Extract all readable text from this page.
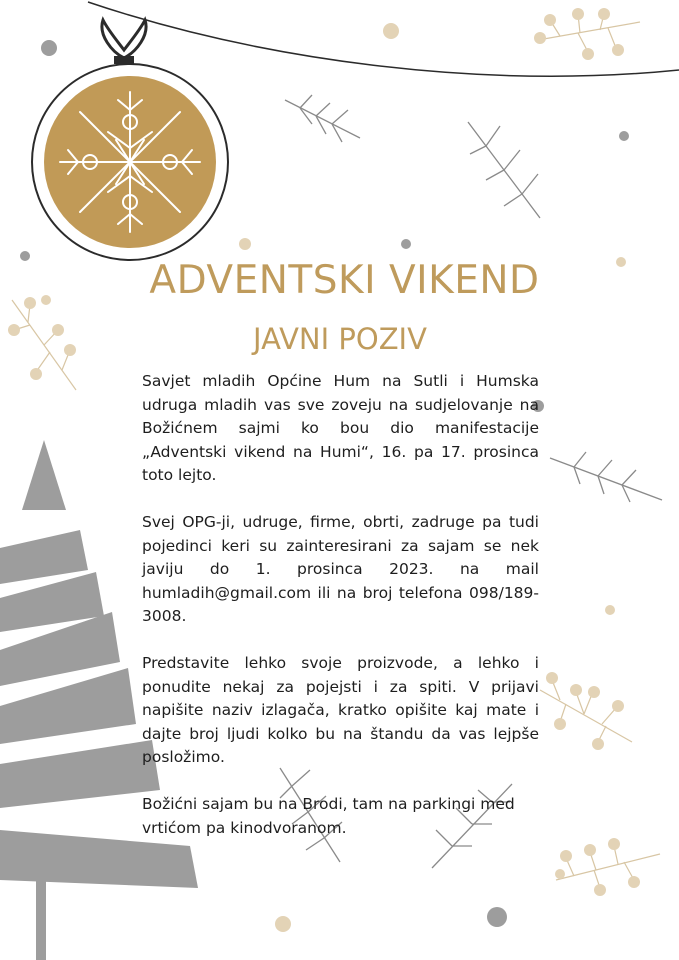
ADVENTSKI VIKEND
JAVNI POZIV

Savjet mladih Općine Hum na Sutli i Humska udruga mladih vas sve zoveju na sudjelovanje na Božićnem sajmi ko bou dio manifestacije „Adventski vikend na Humi“, 16. pa 17. prosinca toto lejto.

Svej OPG-ji, udruge, firme, obrti, zadruge pa tudi pojedinci keri su zainteresirani za sajam se nek javiju do 1. prosinca 2023. na mail humladih@gmail.com ili na broj telefona 098/189-3008.

Predstavite lehko svoje proizvode, a lehko i ponudite nekaj za pojejsti i za spiti. V prijavi napišite naziv izlagača, kratko opišite kaj mate i dajte broj ljudi kolko bu na štandu da vas lejpše posložimo.

Božićni sajam bu na Brodi, tam na parkingi med vrtićom pa kinodvoranom.
